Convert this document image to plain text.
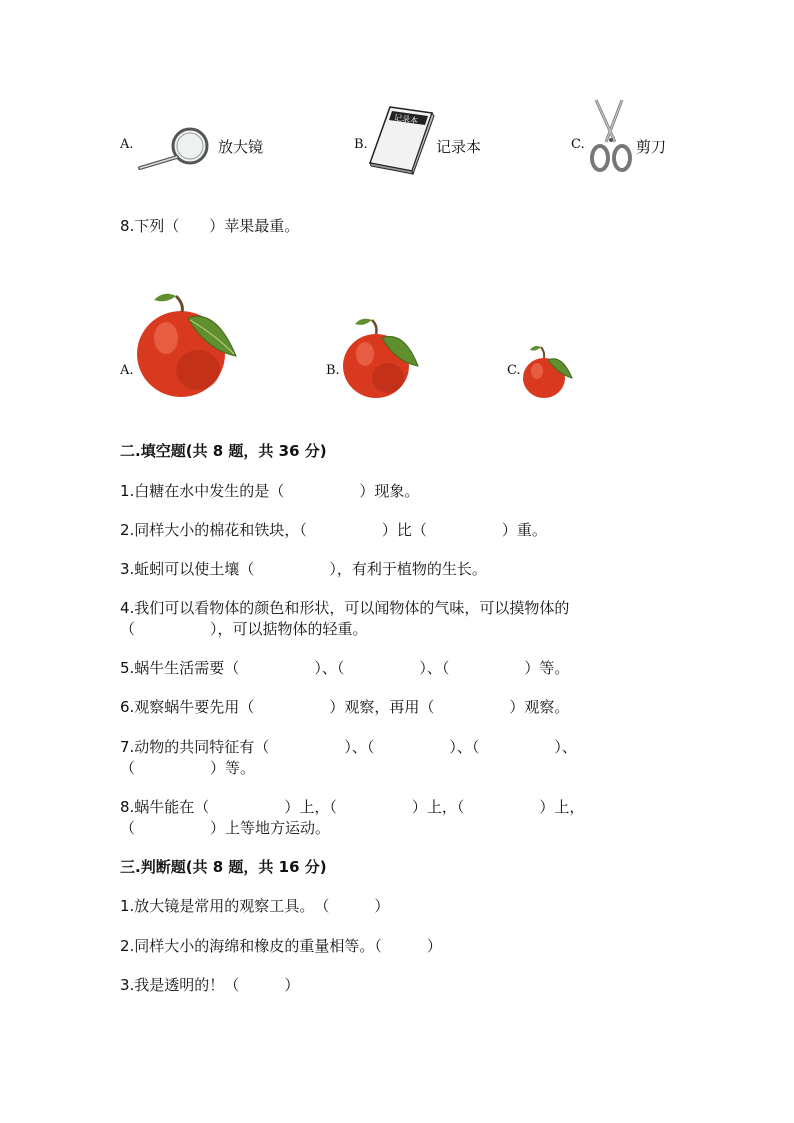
A.	放大镜	B.
记录本
记录本	C.	剪刀
8.下列（　　）苹果最重。
A.	B.	C.
二.填空题(共 8 题，共 36 分)
1.白糖在水中发生的是（　　　　　）现象。
2.同样大小的棉花和铁块，（　　　　　）比（　　　　　）重。
3.蚯蚓可以使土壤（　　　　　），有利于植物的生长。
4.我们可以看物体的颜色和形状，可以闻物体的气味，可以摸物体的
（　　　　　），可以掂物体的轻重。
5.蜗牛生活需要（　　　　　）、（　　　　　）、（　　　　　）等。
6.观察蜗牛要先用（　　　　　）观察，再用（　　　　　）观察。
7.动物的共同特征有（　　　　　）、（　　　　　）、（　　　　　）、
（　　　　　）等。
8.蜗牛能在（　　　　　）上，（　　　　　）上，（　　　　　）上，
（　　　　　）上等地方运动。
三.判断题(共 8 题，共 16 分)
1.放大镜是常用的观察工具。　（　　　）
2.同样大小的海绵和橡皮的重量相等。（　　　）
3.我是透明的！（　　　）
